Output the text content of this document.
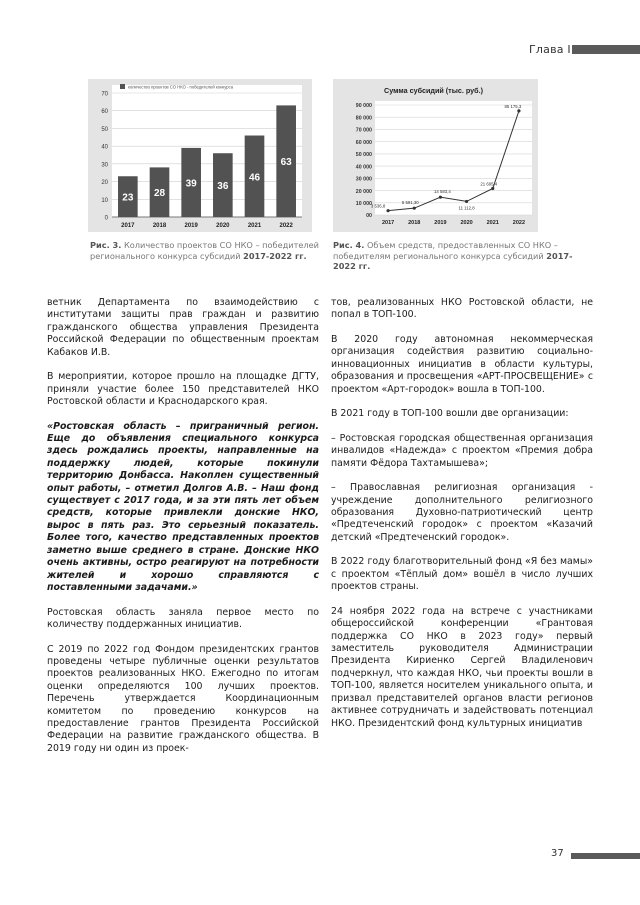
Глава I
0
10
20
30
40
50
60
70
количество проектов СО НКО - победителей конкурса
23
2017
28
2018
39
2019
36
2020
46
2021
63
2022
Рис. 3. Количество проектов СО НКО – победителей регионального конкурса субсидий 2017-2022 гг.
Сумма субсидий (тыс. руб.)
00
10 000
20 000
30 000
40 000
50 000
60 000
70 000
80 000
90 000
3 536,8
2017
5 591,30
2018
14 583,4
2019
11 112,8
2020
21 695,4
2021
85 175,3
2022
Рис. 4. Объем средств, предоставленных СО НКО – победителям регионального конкурса субсидий 2017-2022 гг.

ветник Департамента по взаимодействию с институтами защиты прав граждан и развитию гражданского общества управления Президента Российской Федерации по общественным проектам Кабаков И.В.

В мероприятии, которое прошло на площадке ДГТУ, приняли участие более 150 представителей НКО Ростовской области и Краснодарского края.

«Ростовская область – приграничный регион. Еще до объявления специального конкурса здесь рождались проекты, направленные на поддержку людей, которые покинули территорию Донбасса. Накоплен существенный опыт работы, – отметил Долгов А.В. – Наш фонд существует с 2017 года, и за эти пять лет объем средств, которые привлекли донские НКО, вырос в пять раз. Это серьезный показатель. Более того, качество представленных проектов заметно выше среднего в стране. Донские НКО очень активны, остро реагируют на потребности жителей и хорошо справляются с поставленными задачами.»

Ростовская область заняла первое место по количеству поддержанных инициатив.

С 2019 по 2022 год Фондом президентских грантов проведены четыре публичные оценки результатов проектов реализованных НКО. Ежегодно по итогам оценки определяются 100 лучших проектов. Перечень утверждается Координационным комитетом по проведению конкурсов на предоставление грантов Президента Российской Федерации на развитие гражданского общества. В 2019 году ни один из проек-

тов, реализованных НКО Ростовской области, не попал в ТОП-100.

В 2020 году автономная некоммерческая организация содействия развитию социально-инновационных инициатив в области культуры, образования и просвещения «АРТ-ПРОСВЕЩЕНИЕ» с проектом «Арт-городок» вошла в ТОП-100.

В 2021 году в ТОП-100 вошли две организации:

– Ростовская городская общественная организация инвалидов «Надежда» с проектом «Премия добра памяти Фёдора Тахтамышева»;

– Православная религиозная организация - учреждение дополнительного религиозного образования Духовно-патриотический центр «Предтеченский городок» с проектом «Казачий детский «Предтеченский городок».

В 2022 году благотворительный фонд «Я без мамы» с проектом «Тёплый дом» вошёл в число лучших проектов страны.

24 ноября 2022 года на встрече с участниками общероссийской конференции «Грантовая поддержка СО НКО в 2023 году» первый заместитель руководителя Администрации Президента Кириенко Сергей Владиленович подчеркнул, что каждая НКО, чьи проекты вошли в ТОП-100, является носителем уникального опыта, и призвал представителей органов власти регионов активнее сотрудничать и задействовать потенциал НКО. Президентский фонд культурных инициатив

37
